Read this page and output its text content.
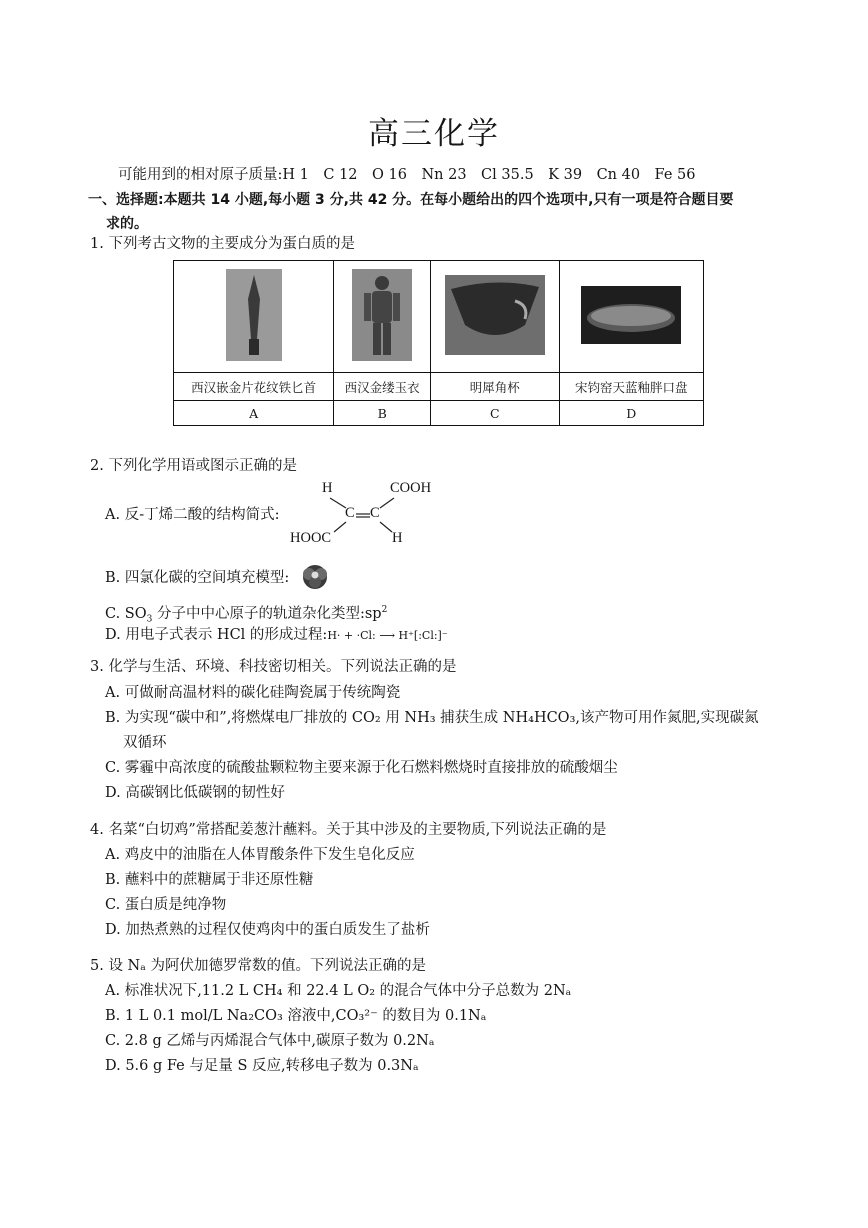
高三化学
可能用到的相对原子质量:H 1　C 12　O 16　Nn 23　Cl 35.5　K 39　Cn 40　Fe 56
一、选择题:本题共 14 小题,每小题 3 分,共 42 分。在每小题给出的四个选项中,只有一项是符合题目要
求的。
1. 下列考古文物的主要成分为蛋白质的是

西汉嵌金片花纹铁匕首	西汉金缕玉衣	明犀角杯	宋钧窑天蓝釉胖口盘
A	B	C	D
2. 下列化学用语或图示正确的是
A. 反-丁烯二酸的结构简式:
H	COOH
C C
HOOC	H
B. 四氯化碳的空间填充模型:
C. $SO_3$ 分子中中心原子的轨道杂化类型$:sp^2$
D. 用电子式表示 HCl 的形成过程:H· + ·Cl: ⟶ H⁺[:Cl:]⁻
3. 化学与生活、环境、科技密切相关。下列说法正确的是
A. 可做耐高温材料的碳化硅陶瓷属于传统陶瓷
B. 为实现“碳中和”,将燃煤电厂排放的 CO₂ 用 NH₃ 捕获生成 NH₄HCO₃,该产物可用作氮肥,实现碳氮
双循环
C. 雾霾中高浓度的硫酸盐颗粒物主要来源于化石燃料燃烧时直接排放的硫酸烟尘
D. 高碳钢比低碳钢的韧性好
4. 名菜“白切鸡”常搭配姜葱汁蘸料。关于其中涉及的主要物质,下列说法正确的是
A. 鸡皮中的油脂在人体胃酸条件下发生皂化反应
B. 蘸料中的蔗糖属于非还原性糖
C. 蛋白质是纯净物
D. 加热煮熟的过程仅使鸡肉中的蛋白质发生了盐析
5. 设 Nₐ 为阿伏加德罗常数的值。下列说法正确的是
A. 标准状况下,11.2 L CH₄ 和 22.4 L O₂ 的混合气体中分子总数为 2Nₐ
B. 1 L 0.1 mol/L Na₂CO₃ 溶液中,CO₃²⁻ 的数目为 0.1Nₐ
C. 2.8 g 乙烯与丙烯混合气体中,碳原子数为 0.2Nₐ
D. 5.6 g Fe 与足量 S 反应,转移电子数为 0.3Nₐ
